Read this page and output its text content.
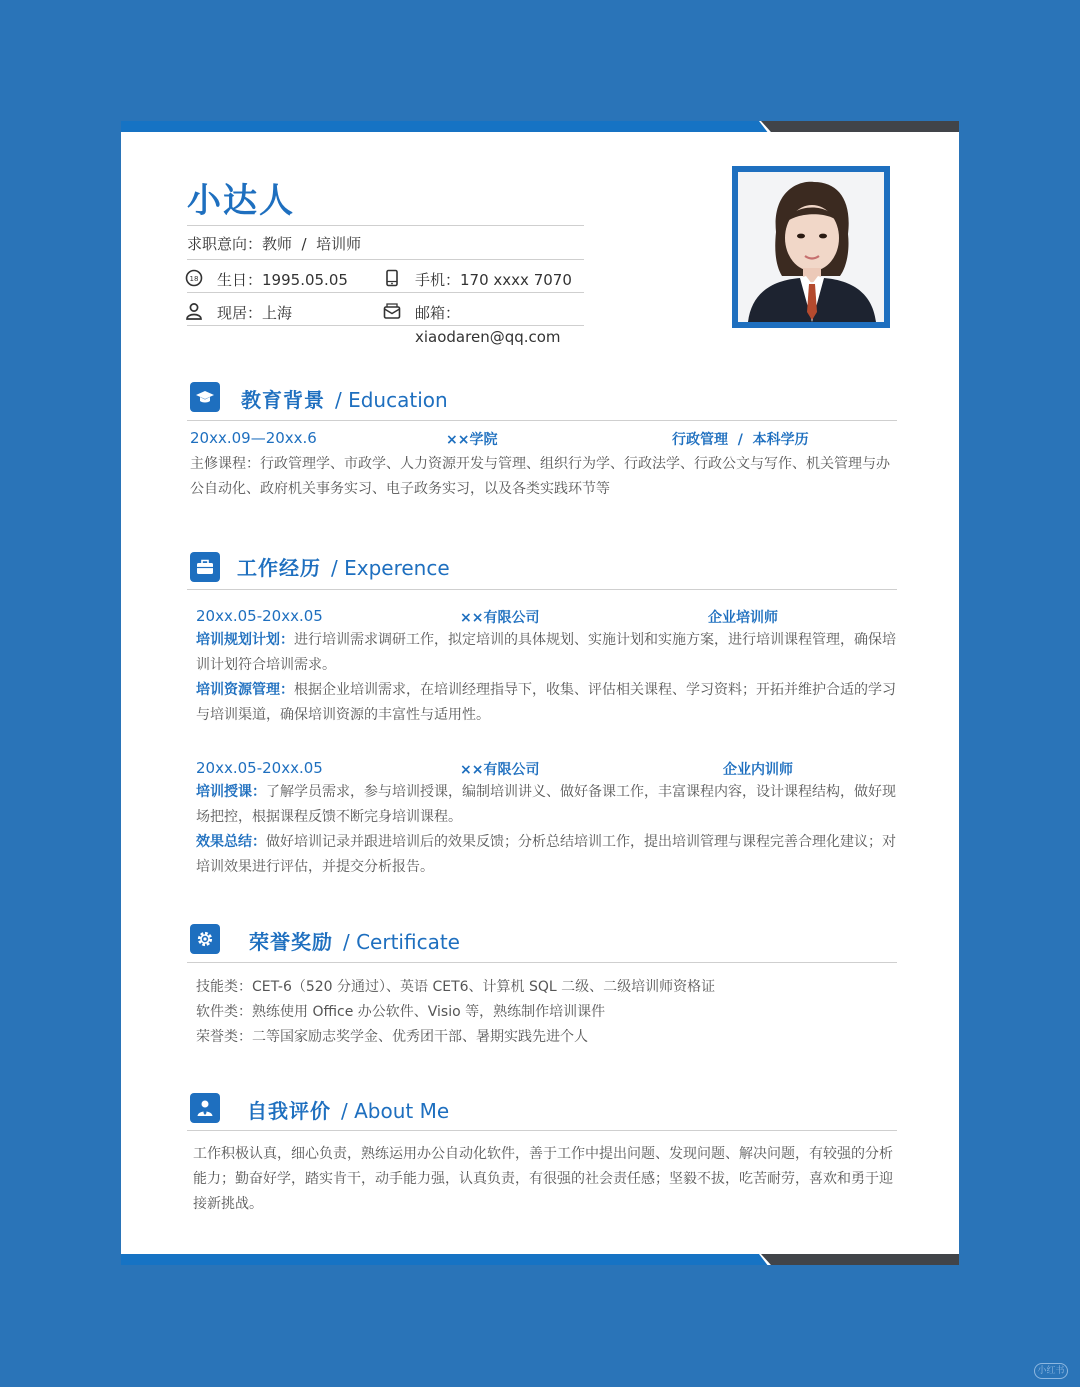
小达人
求职意向：教师  /  培训师
18 生日：1995.05.05	手机：170 xxxx 7070
现居：上海	邮箱：
xiaodaren@qq.com
教育背景 / Education
20xx.09—20xx.6	××学院	行政管理  /  本科学历
主修课程：行政管理学、市政学、人力资源开发与管理、组织行为学、行政法学、行政公文与写作、机关管理与办公自动化、政府机关事务实习、电子政务实习，以及各类实践环节等
工作经历 / Experence
20xx.05-20xx.05	××有限公司	企业培训师
培训规划计划：进行培训需求调研工作，拟定培训的具体规划、实施计划和实施方案，进行培训课程管理，确保培训计划符合培训需求。
培训资源管理：根据企业培训需求，在培训经理指导下，收集、评估相关课程、学习资料；开拓并维护合适的学习与培训渠道，确保培训资源的丰富性与适用性。
20xx.05-20xx.05	××有限公司	企业内训师
培训授课：了解学员需求，参与培训授课，编制培训讲义、做好备课工作，丰富课程内容，设计课程结构，做好现场把控，根据课程反馈不断完身培训课程。
效果总结：做好培训记录并跟进培训后的效果反馈；分析总结培训工作，提出培训管理与课程完善合理化建议；对培训效果进行评估，并提交分析报告。
荣誉奖励 / Certificate
技能类：CET-6（520 分通过）、英语 CET6、计算机 SQL 二级、二级培训师资格证
软件类：熟练使用 Office 办公软件、Visio 等，熟练制作培训课件
荣誉类：二等国家励志奖学金、优秀团干部、暑期实践先进个人
自我评价 / About Me
工作积极认真，细心负责，熟练运用办公自动化软件，善于工作中提出问题、发现问题、解决问题，有较强的分析能力；勤奋好学，踏实肯干，动手能力强，认真负责，有很强的社会责任感；坚毅不拔，吃苦耐劳，喜欢和勇于迎接新挑战。
小红书
